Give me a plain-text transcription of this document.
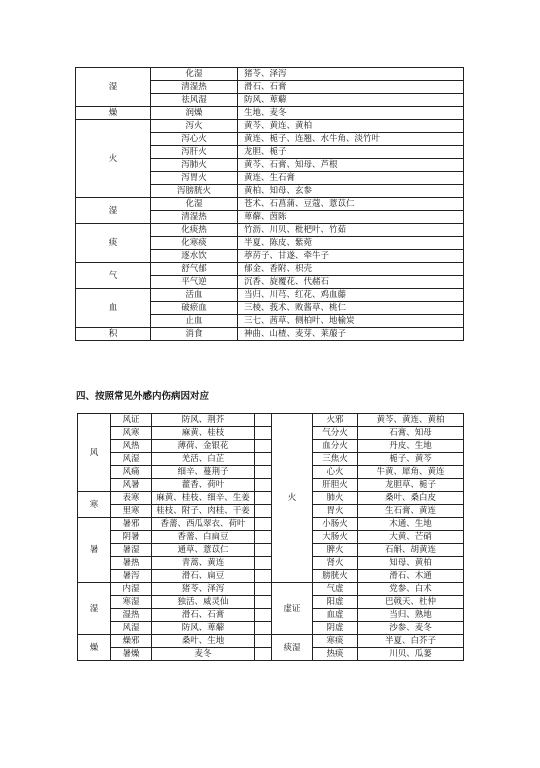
湿	化湿	猪苓、泽泻
	清湿热	滑石、石膏
	祛风湿	防风、萆薢
燥	润燥	生地、麦冬
火	泻火	黄芩、黄连、黄柏
	泻心火	黄连、栀子、连翘、水牛角、淡竹叶
	泻肝火	龙胆、栀子
	泻肺火	黄芩、石膏、知母、芦根
	泻胃火	黄连、生石膏
	泻膀胱火	黄柏、知母、玄参
湿	化湿	苍术、石菖蒲、豆蔻、薏苡仁
	清湿热	萆薢、茵陈
痰	化痰热	竹沥、川贝、枇杷叶、竹茹
	化寒痰	半夏、陈皮、紫菀
	逐水饮	葶苈子、甘遂、牵牛子
气	舒气郁	郁金、香附、枳壳
	平气逆	沉香、旋覆花、代赭石
血	活血	当归、川芎、红花、鸡血藤
	破瘀血	三棱、莪术、败酱草、桃仁
	止血	三七、茜草、侧柏叶、地榆炭
积	消食	神曲、山楂、麦芽、莱菔子
四、按照常见外感内伤病因对应
风	风证	防风、荆芥		火	火邪	黄芩、黄连、黄柏
	风寒	麻黄、桂枝			气分火	石膏、知母
	风热	薄荷、金银花			血分火	丹皮、生地
	风湿	羌活、白芷			三焦火	栀子、黄芩
	风痛	细辛、蔓荆子			心火	牛黄、犀角、黄连
	风暑	藿香、荷叶			肝胆火	龙胆草、栀子
寒	表寒	麻黄、桂枝、细辛、生姜			肺火	桑叶、桑白皮
	里寒	桂枝、附子、肉桂、干姜			胃火	生石膏、黄连
暑	暑邪	香薷、西瓜翠衣、荷叶			小肠火	木通、生地
	阴暑	香薷、白扁豆			大肠火	大黄、芒硝
	暑湿	通草、薏苡仁			脾火	石斛、胡黄连
	暑热	青蒿、黄连			肾火	知母、黄柏
	暑泻	滑石、扁豆			膀胱火	滑石、木通
湿	内湿	猪苓、泽泻		虚证	气虚	党参、白术
	寒湿	独活、威灵仙			阳虚	巴戟天、杜仲
	湿热	滑石、石膏			血虚	当归、熟地
	风湿	防风、萆薢			阴虚	沙参、麦冬
燥	燥邪	桑叶、生地		痰湿	寒痰	半夏、白芥子
	暑燥	麦冬			热痰	川贝、瓜蒌
